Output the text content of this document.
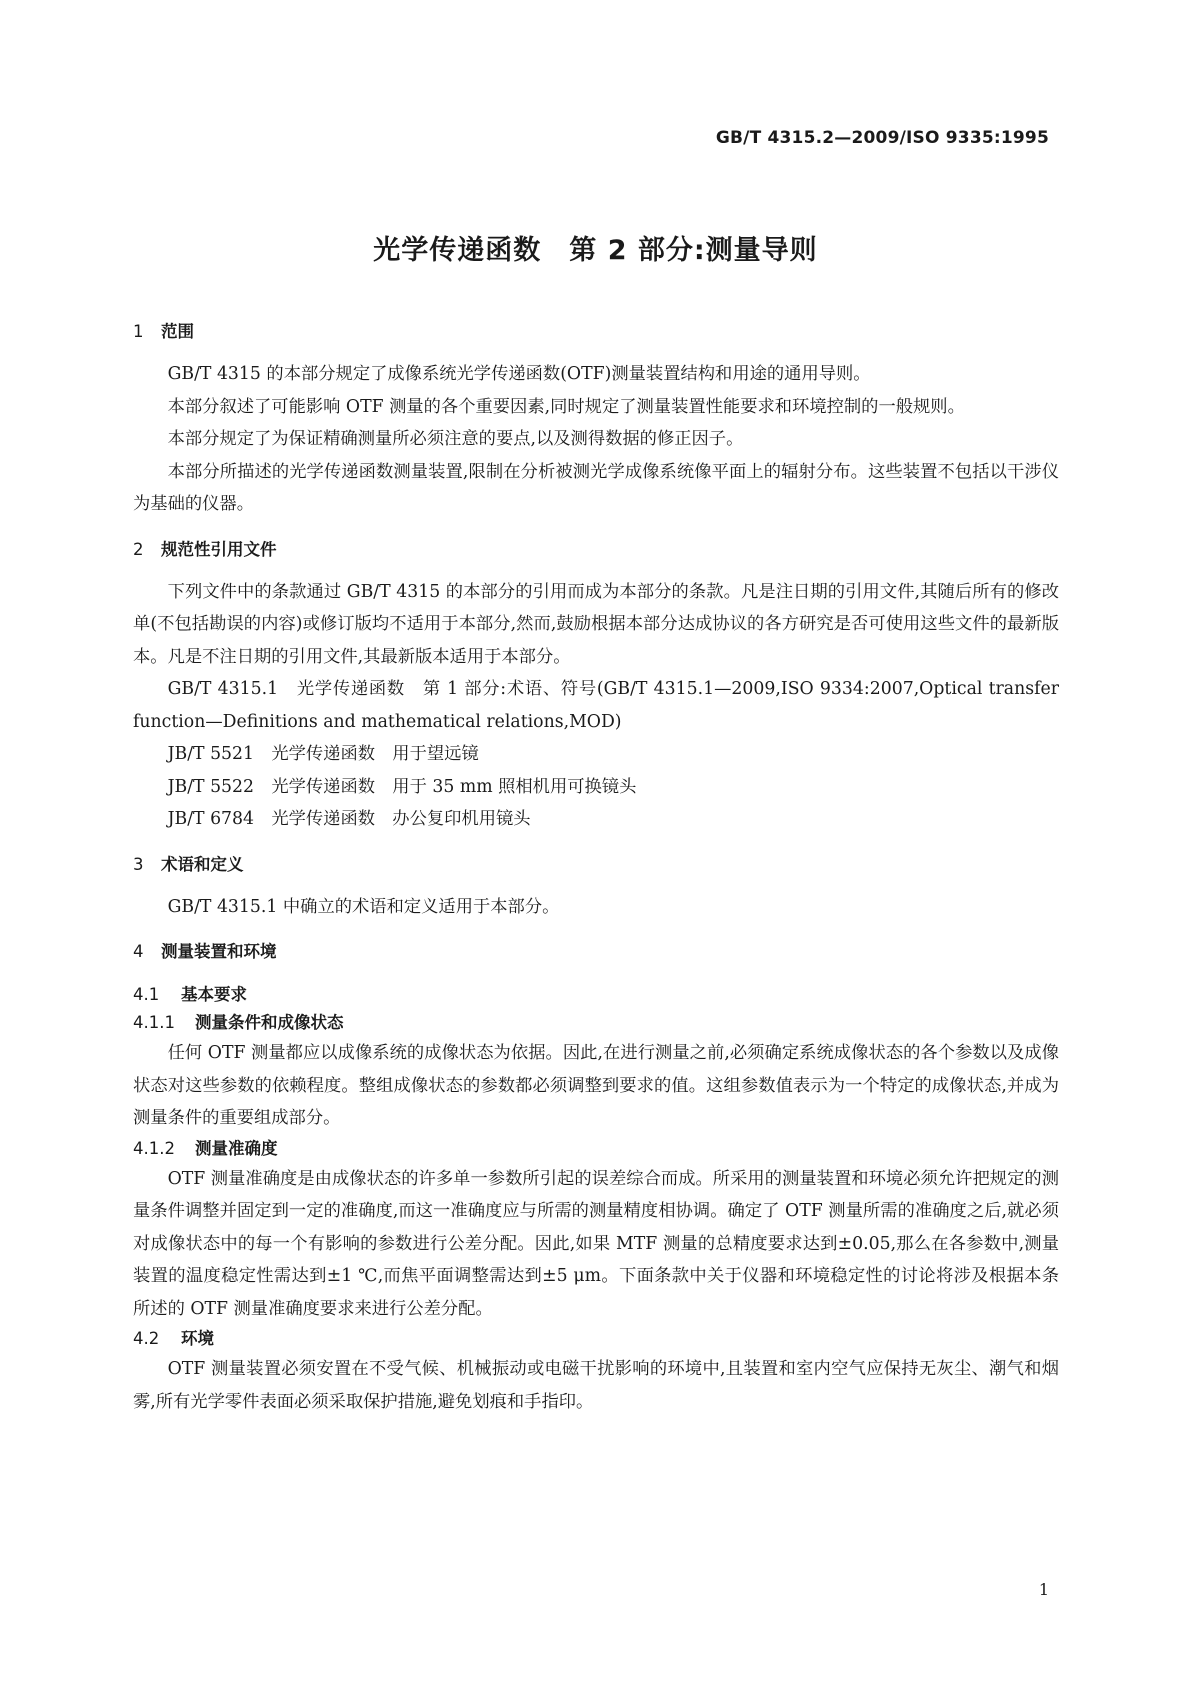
GB/T 4315.2—2009/ISO 9335:1995
光学传递函数　第 2 部分:测量导则
1 范围

GB/T 4315 的本部分规定了成像系统光学传递函数(OTF)测量装置结构和用途的通用导则。

本部分叙述了可能影响 OTF 测量的各个重要因素,同时规定了测量装置性能要求和环境控制的一般规则。

本部分规定了为保证精确测量所必须注意的要点,以及测得数据的修正因子。

本部分所描述的光学传递函数测量装置,限制在分析被测光学成像系统像平面上的辐射分布。这些装置不包括以干涉仪为基础的仪器。

2 规范性引用文件

下列文件中的条款通过 GB/T 4315 的本部分的引用而成为本部分的条款。凡是注日期的引用文件,其随后所有的修改单(不包括勘误的内容)或修订版均不适用于本部分,然而,鼓励根据本部分达成协议的各方研究是否可使用这些文件的最新版本。凡是不注日期的引用文件,其最新版本适用于本部分。

GB/T 4315.1　光学传递函数　第 1 部分:术语、符号(GB/T 4315.1—2009,ISO 9334:2007,Optical transfer function—Definitions and mathematical relations,MOD)

JB/T 5521　光学传递函数　用于望远镜
JB/T 5522　光学传递函数　用于 35 mm 照相机用可换镜头
JB/T 6784　光学传递函数　办公复印机用镜头
3 术语和定义

GB/T 4315.1 中确立的术语和定义适用于本部分。

4 测量装置和环境
4.1 基本要求
4.1.1 测量条件和成像状态

任何 OTF 测量都应以成像系统的成像状态为依据。因此,在进行测量之前,必须确定系统成像状态的各个参数以及成像状态对这些参数的依赖程度。整组成像状态的参数都必须调整到要求的值。这组参数值表示为一个特定的成像状态,并成为测量条件的重要组成部分。

4.1.2 测量准确度

OTF 测量准确度是由成像状态的许多单一参数所引起的误差综合而成。所采用的测量装置和环境必须允许把规定的测量条件调整并固定到一定的准确度,而这一准确度应与所需的测量精度相协调。确定了 OTF 测量所需的准确度之后,就必须对成像状态中的每一个有影响的参数进行公差分配。因此,如果 MTF 测量的总精度要求达到±0.05,那么在各参数中,测量装置的温度稳定性需达到±1 ℃,而焦平面调整需达到±5 μm。下面条款中关于仪器和环境稳定性的讨论将涉及根据本条所述的 OTF 测量准确度要求来进行公差分配。

4.2 环境

OTF 测量装置必须安置在不受气候、机械振动或电磁干扰影响的环境中,且装置和室内空气应保持无灰尘、潮气和烟雾,所有光学零件表面必须采取保护措施,避免划痕和手指印。

1
